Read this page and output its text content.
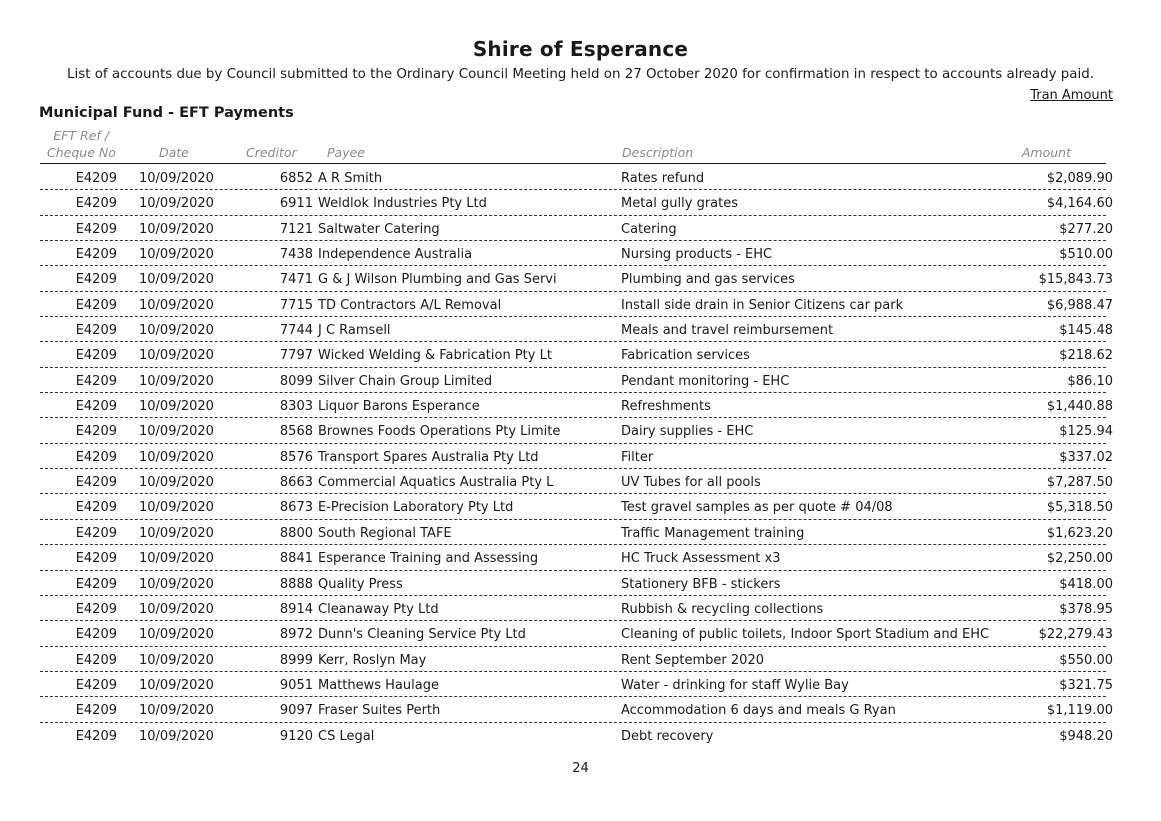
Shire of Esperance
List of accounts due by Council submitted to the Ordinary Council Meeting held on 27 October 2020 for confirmation in respect to accounts already paid.
Tran Amount
Municipal Fund - EFT Payments
EFT Ref /
Cheque No	Date	Creditor Payee	Description	Amount
E4209 10/09/2020	6852 A R Smith	Rates refund	$2,089.90
E4209 10/09/2020	6911 Weldlok Industries Pty Ltd	Metal gully grates	$4,164.60
E4209 10/09/2020	7121 Saltwater Catering	Catering	$277.20
E4209 10/09/2020	7438 Independence Australia	Nursing products - EHC	$510.00
E4209 10/09/2020	7471 G & J Wilson Plumbing and Gas Servi	Plumbing and gas services	$15,843.73
E4209 10/09/2020	7715 TD Contractors A/L Removal	Install side drain in Senior Citizens car park	$6,988.47
E4209 10/09/2020	7744 J C Ramsell	Meals and travel reimbursement	$145.48
E4209 10/09/2020	7797 Wicked Welding & Fabrication Pty Lt	Fabrication services	$218.62
E4209 10/09/2020	8099 Silver Chain Group Limited	Pendant monitoring - EHC	$86.10
E4209 10/09/2020	8303 Liquor Barons Esperance	Refreshments	$1,440.88
E4209 10/09/2020	8568 Brownes Foods Operations Pty Limite	Dairy supplies - EHC	$125.94
E4209 10/09/2020	8576 Transport Spares Australia Pty Ltd	Filter	$337.02
E4209 10/09/2020	8663 Commercial Aquatics Australia Pty L	UV Tubes for all pools	$7,287.50
E4209 10/09/2020	8673 E-Precision Laboratory Pty Ltd	Test gravel samples as per quote # 04/08	$5,318.50
E4209 10/09/2020	8800 South Regional TAFE	Traffic Management training	$1,623.20
E4209 10/09/2020	8841 Esperance Training and Assessing	HC Truck Assessment x3	$2,250.00
E4209 10/09/2020	8888 Quality Press	Stationery BFB - stickers	$418.00
E4209 10/09/2020	8914 Cleanaway Pty Ltd	Rubbish & recycling collections	$378.95
E4209 10/09/2020	8972 Dunn's Cleaning Service Pty Ltd	Cleaning of public toilets, Indoor Sport Stadium and EHC	$22,279.43
E4209 10/09/2020	8999 Kerr, Roslyn May	Rent September 2020	$550.00
E4209 10/09/2020	9051 Matthews Haulage	Water - drinking for staff Wylie Bay	$321.75
E4209 10/09/2020	9097 Fraser Suites Perth	Accommodation 6 days and meals G Ryan	$1,119.00
E4209 10/09/2020	9120 CS Legal	Debt recovery	$948.20
24
